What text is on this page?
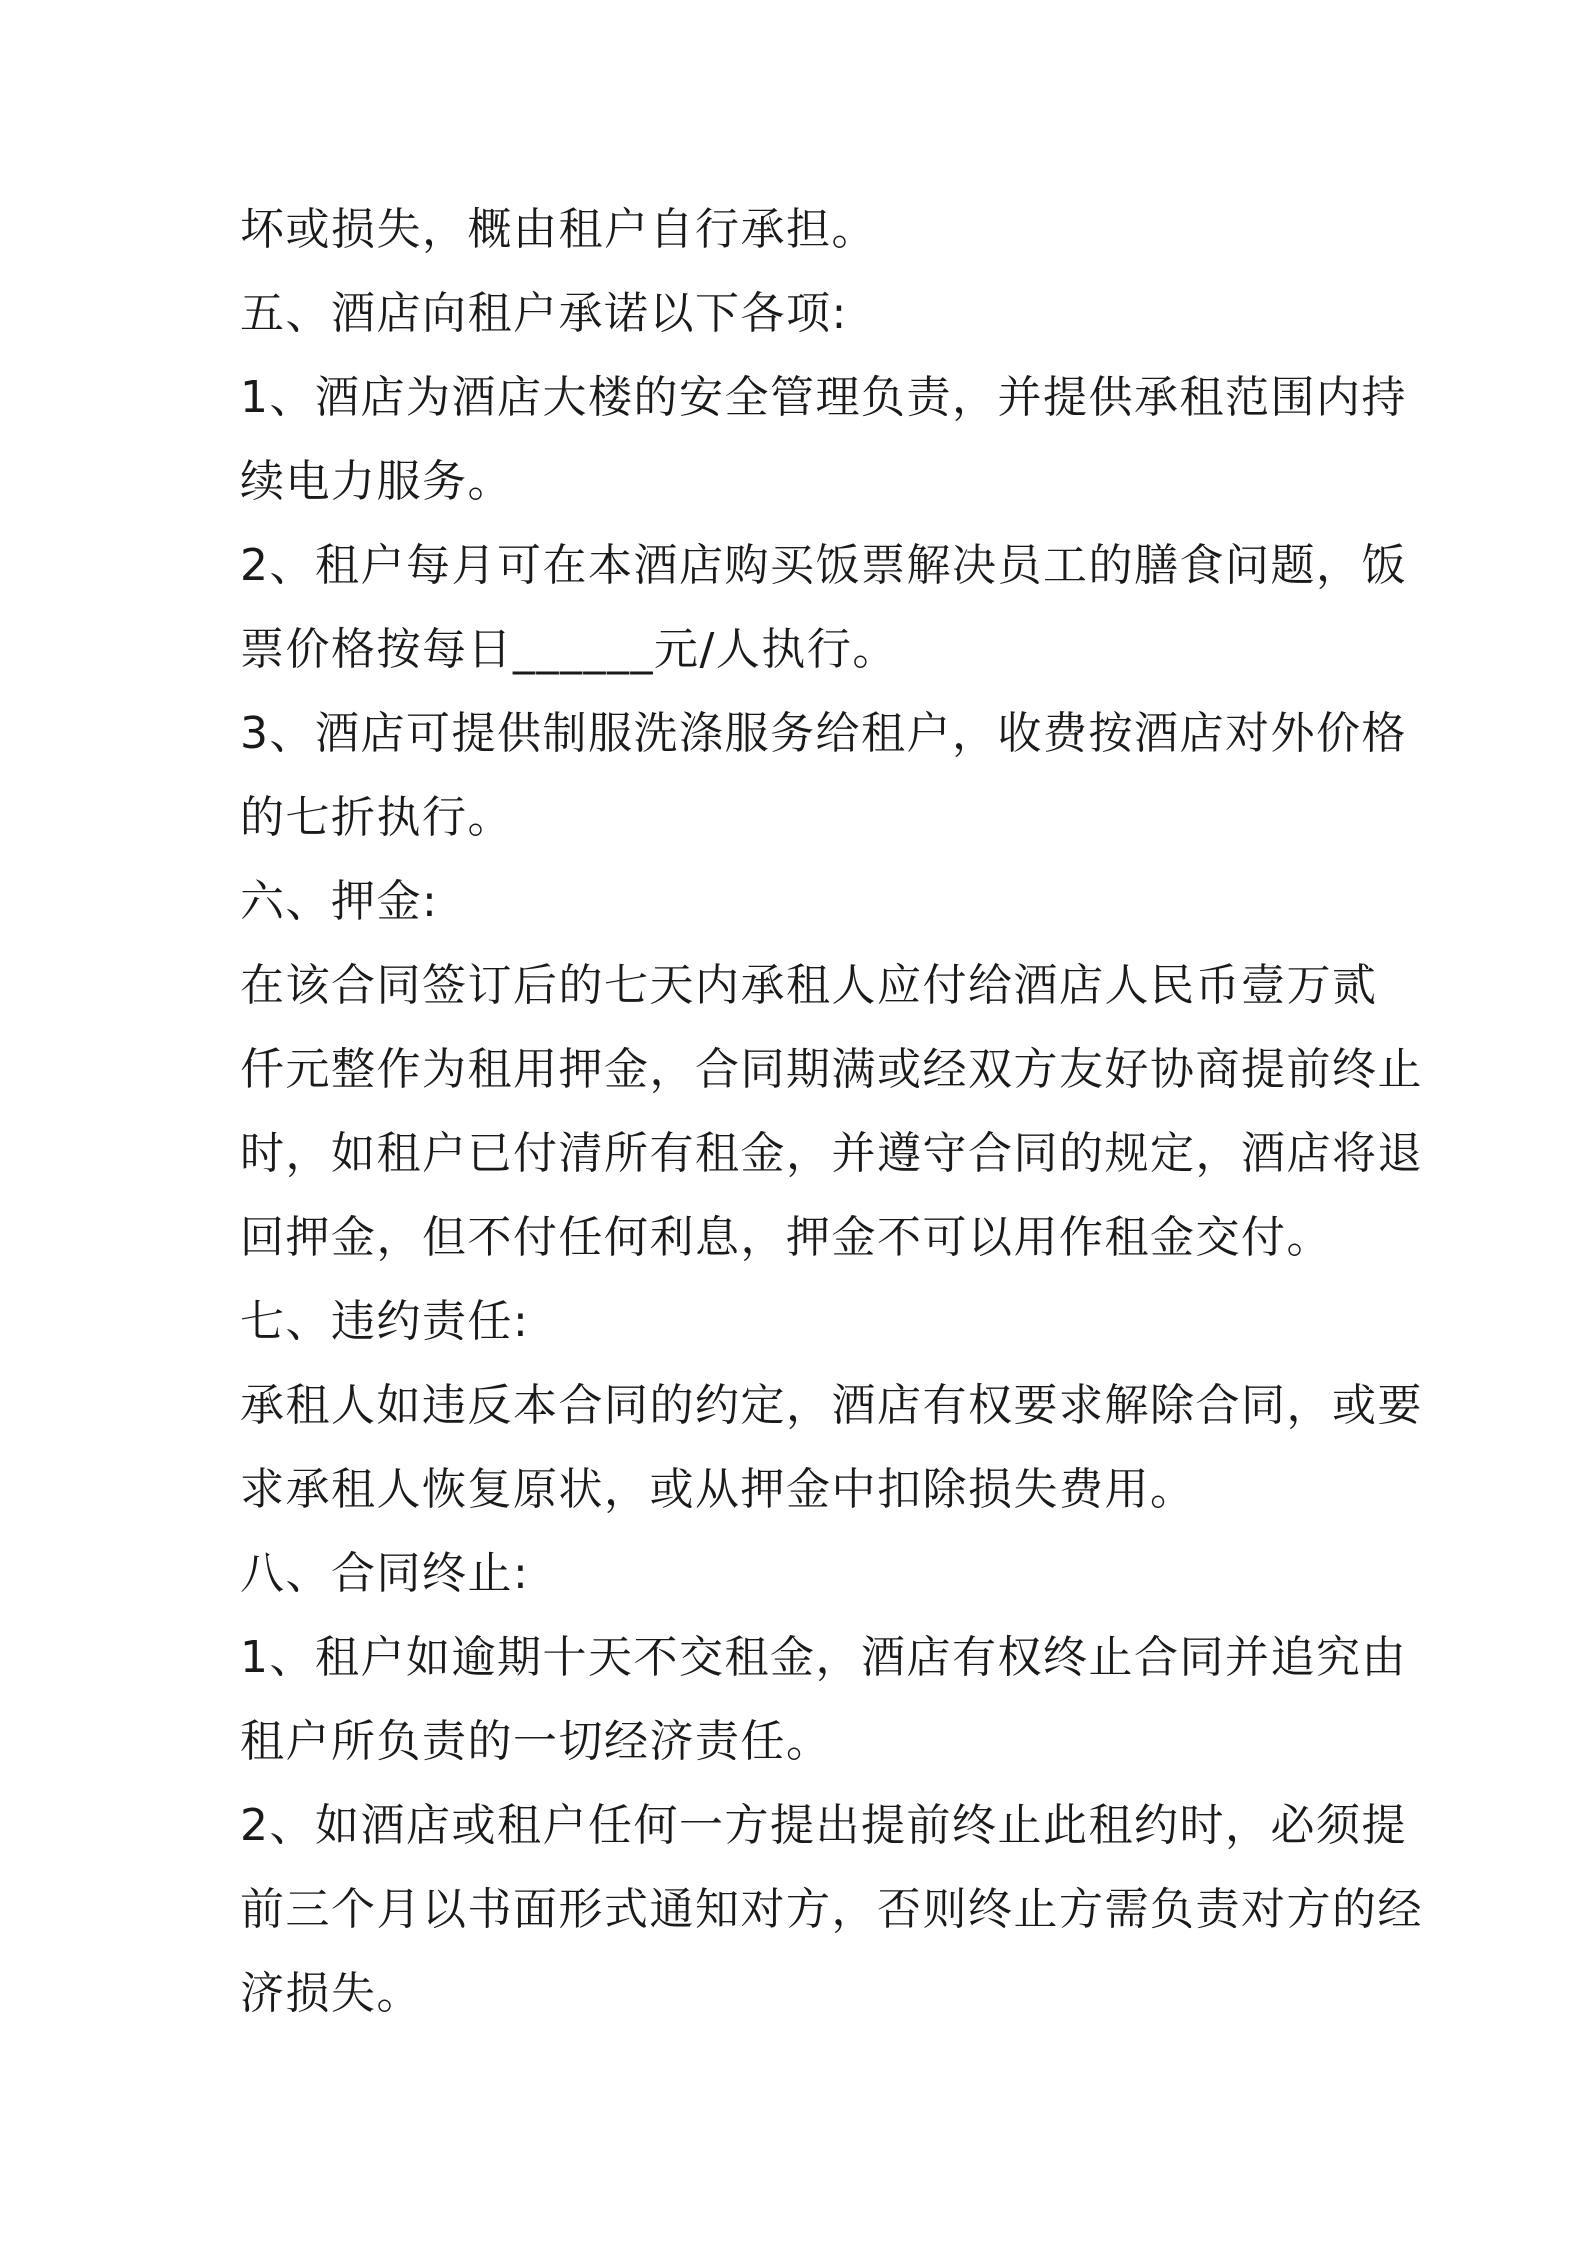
坏或损失，概由租户自行承担。
五、酒店向租户承诺以下各项:
1、酒店为酒店大楼的安全管理负责，并提供承租范围内持
续电力服务。
2、租户每月可在本酒店购买饭票解决员工的膳食问题，饭
票价格按每日______元/人执行。
3、酒店可提供制服洗涤服务给租户，收费按酒店对外价格
的七折执行。
六、押金:
在该合同签订后的七天内承租人应付给酒店人民币壹万贰
仟元整作为租用押金，合同期满或经双方友好协商提前终止
时，如租户已付清所有租金，并遵守合同的规定，酒店将退
回押金，但不付任何利息，押金不可以用作租金交付。
七、违约责任:
承租人如违反本合同的约定，酒店有权要求解除合同，或要
求承租人恢复原状，或从押金中扣除损失费用。
八、合同终止:
1、租户如逾期十天不交租金，酒店有权终止合同并追究由
租户所负责的一切经济责任。
2、如酒店或租户任何一方提出提前终止此租约时，必须提
前三个月以书面形式通知对方，否则终止方需负责对方的经
济损失。
